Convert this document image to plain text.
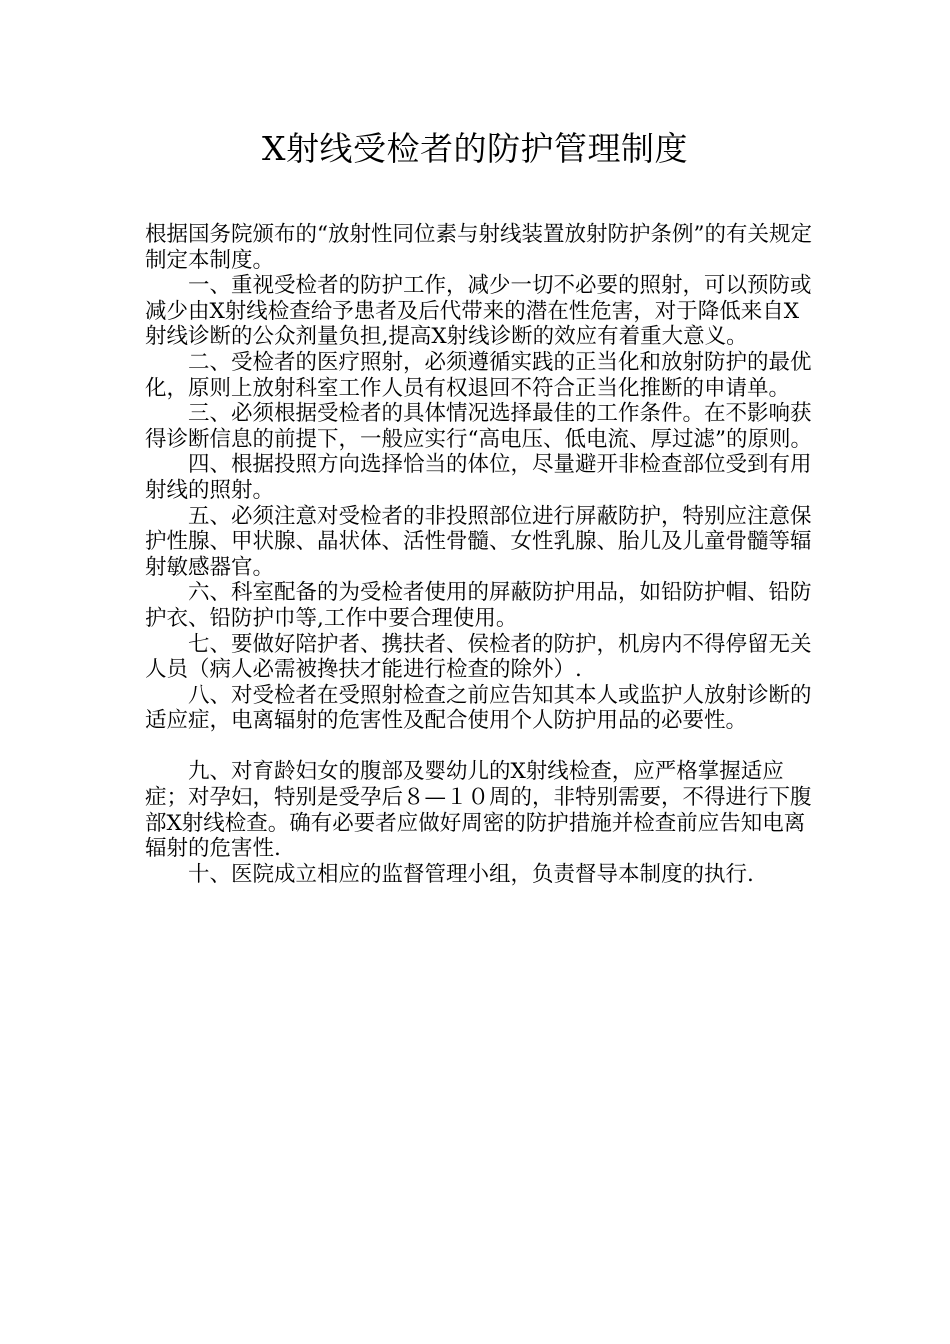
X射线受检者的防护管理制度

根据国务院颁布的“放射性同位素与射线装置放射防护条例”的有关规定制定本制度。

一、重视受检者的防护工作，减少一切不必要的照射，可以预防或减少由X射线检查给予患者及后代带来的潜在性危害，对于降低来自X射线诊断的公众剂量负担,提高X射线诊断的效应有着重大意义。

二、受检者的医疗照射，必须遵循实践的正当化和放射防护的最优化，原则上放射科室工作人员有权退回不符合正当化推断的申请单。

三、必须根据受检者的具体情况选择最佳的工作条件。在不影响获得诊断信息的前提下，一般应实行“高电压、低电流、厚过滤”的原则。

四、根据投照方向选择恰当的体位，尽量避开非检查部位受到有用射线的照射。

五、必须注意对受检者的非投照部位进行屏蔽防护，特别应注意保护性腺、甲状腺、晶状体、活性骨髓、女性乳腺、胎儿及儿童骨髓等辐射敏感器官。

六、科室配备的为受检者使用的屏蔽防护用品，如铅防护帽、铅防护衣、铅防护巾等,工作中要合理使用。

七、要做好陪护者、携扶者、侯检者的防护，机房内不得停留无关人员（病人必需被搀扶才能进行检查的除外）.

八、对受检者在受照射检查之前应告知其本人或监护人放射诊断的适应症，电离辐射的危害性及配合使用个人防护用品的必要性。

九、对育龄妇女的腹部及婴幼儿的X射线检查，应严格掌握适应症；对孕妇，特别是受孕后８—１０周的，非特别需要，不得进行下腹部X射线检查。确有必要者应做好周密的防护措施并检查前应告知电离辐射的危害性.

十、医院成立相应的监督管理小组，负责督导本制度的执行.
